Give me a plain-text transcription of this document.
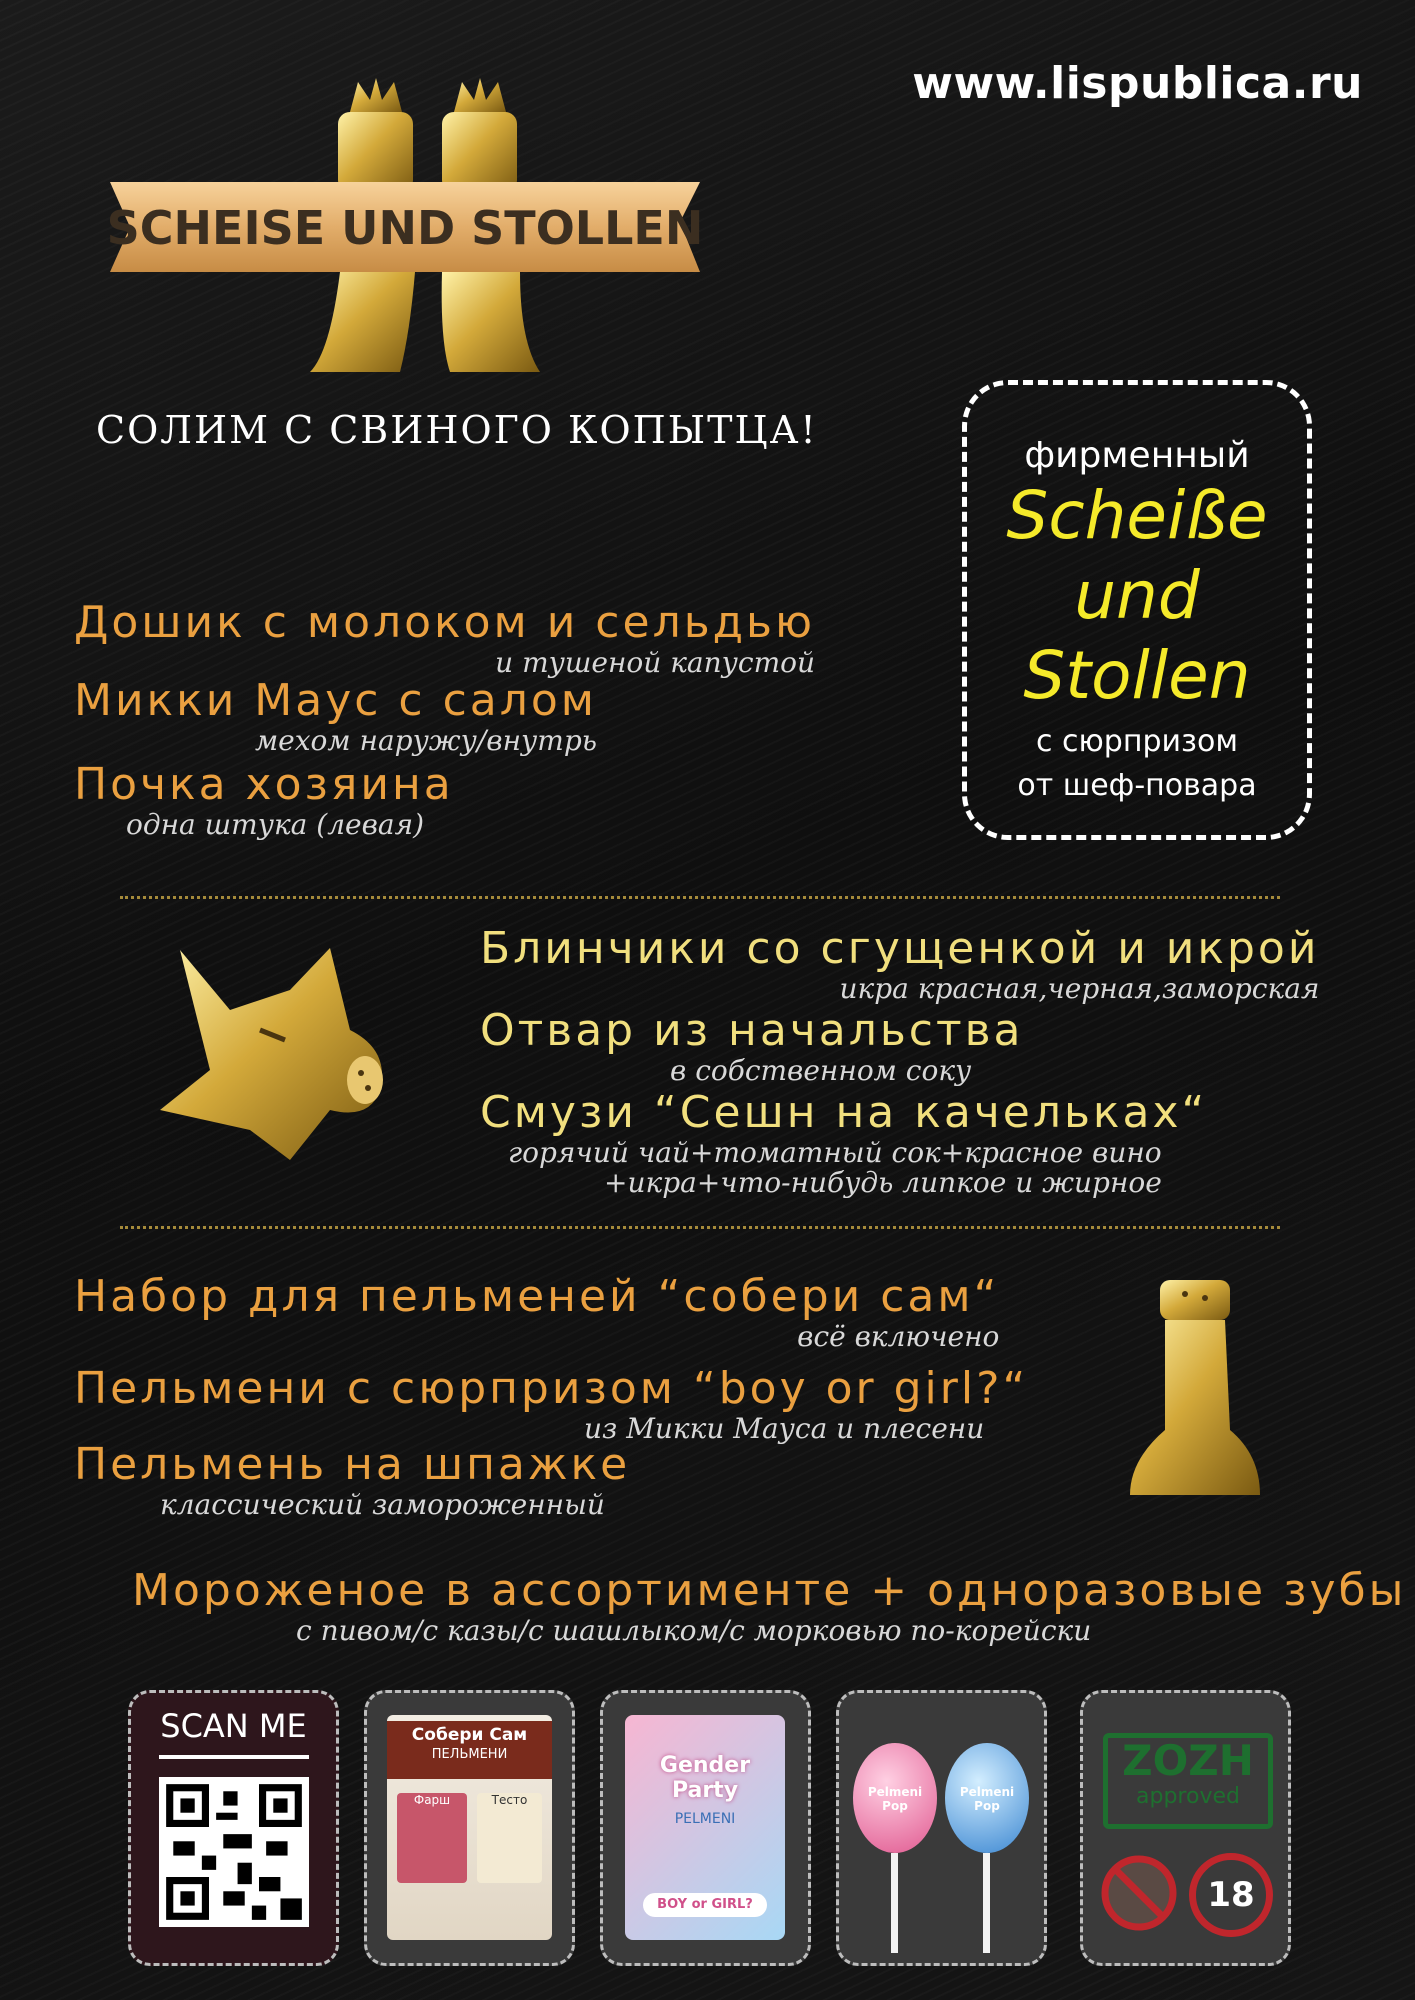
www.lispublica.ru
SCHEISE UND STOLLEN
СОЛИМ С СВИНОГО КОПЫТЦА!
фирменный
Scheiße
und
Stollen
с сюрпризом
от шеф-повара
Дошик с молоком и сельдью
и тушеной капустой
Микки Маус с салом
мехом наружу/внутрь
Почка хозяина
одна штука (левая)
Блинчики со сгущенкой и икрой
икра красная,черная,заморская
Отвар из начальства
в собственном соку
Смузи “Сешн на качельках“
горячий чай+томатный сок+красное вино
+икра+что-нибудь липкое и жирное
Набор для пельменей “собери сам“
всё включено
Пельмени с сюрпризом “boy or girl?“
из Микки Мауса и плесени
Пельмень на шпажке
классический замороженный
Мороженое в ассортименте + одноразовые зубы
с пивом/с казы/с шашлыком/с морковью по-корейски
SCAN ME	Собери Сам
ПЕЛЬМЕНИ
Фарш	Тесто
Gender Party
PELMENI
BOY or GIRL?
Pelmeni Pop
Pelmeni Pop
ZOZH
approved
18
